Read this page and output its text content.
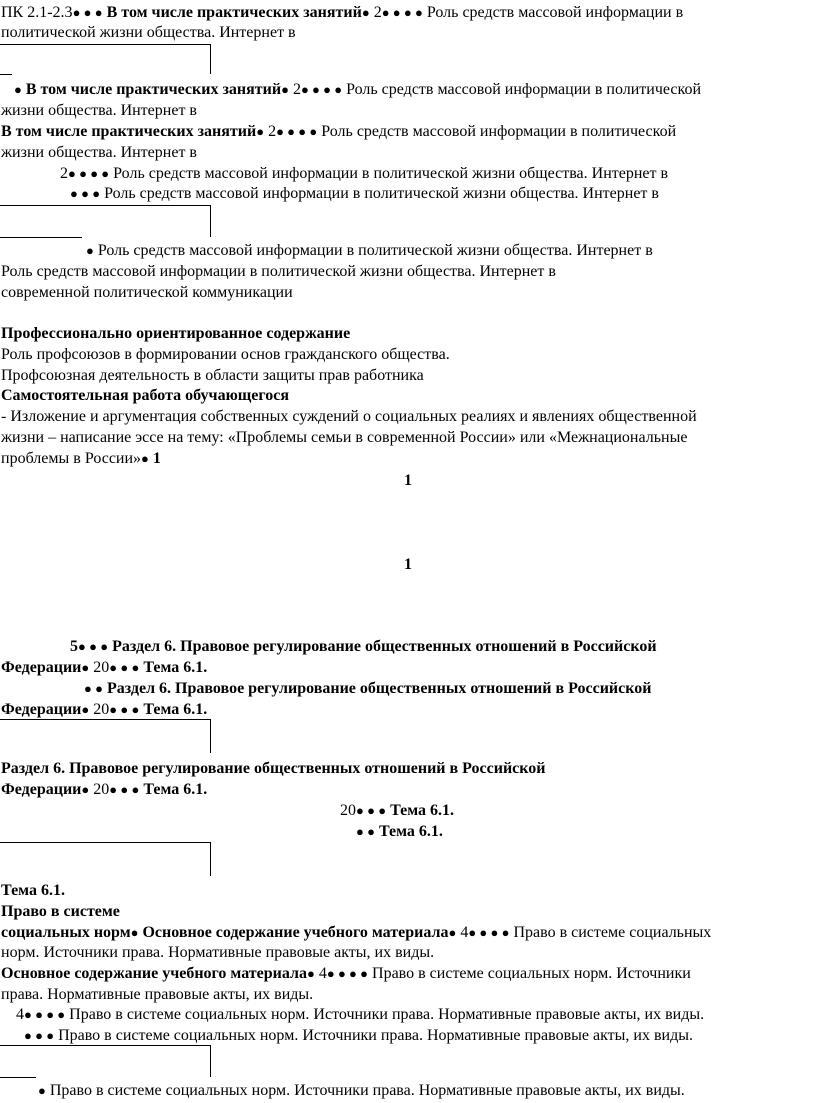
ПК 2.1-2.3● ● ● В том числе практических занятий● 2● ● ● ● Роль средств массовой информации в
политической жизни общества. Интернет в
● В том числе практических занятий● 2● ● ● ● Роль средств массовой информации в политической
жизни общества. Интернет в
В том числе практических занятий● 2● ● ● ● Роль средств массовой информации в политической
жизни общества. Интернет в
2● ● ● ● Роль средств массовой информации в политической жизни общества. Интернет в
● ● ● Роль средств массовой информации в политической жизни общества. Интернет в
● Роль средств массовой информации в политической жизни общества. Интернет в
Роль средств массовой информации в политической жизни общества. Интернет в
современной политической коммуникации
Профессионально ориентированное содержание
Роль профсоюзов в формировании основ гражданского общества.
Профсоюзная деятельность в области защиты прав работника
Самостоятельная работа обучающегося
- Изложение и аргументация собственных суждений о социальных реалиях и явлениях общественной
жизни – написание эссе на тему: «Проблемы семьи в современной России» или «Межнациональные
проблемы в России»● 1
1
1
5● ● ● Раздел 6. Правовое регулирование общественных отношений в Российской
Федерации● 20● ● ● Тема 6.1.
● ● Раздел 6. Правовое регулирование общественных отношений в Российской
Федерации● 20● ● ● Тема 6.1.
Раздел 6. Правовое регулирование общественных отношений в Российской
Федерации● 20● ● ● Тема 6.1.
20● ● ● Тема 6.1.
● ● Тема 6.1.
Тема 6.1.
Право в системе
социальных норм● Основное содержание учебного материала● 4● ● ● ● Право в системе социальных
норм. Источники права. Нормативные правовые акты, их виды.
Основное содержание учебного материала● 4● ● ● ● Право в системе социальных норм. Источники
права. Нормативные правовые акты, их виды.
4● ● ● ● Право в системе социальных норм. Источники права. Нормативные правовые акты, их виды.
● ● ● Право в системе социальных норм. Источники права. Нормативные правовые акты, их виды.
● Право в системе социальных норм. Источники права. Нормативные правовые акты, их виды.
